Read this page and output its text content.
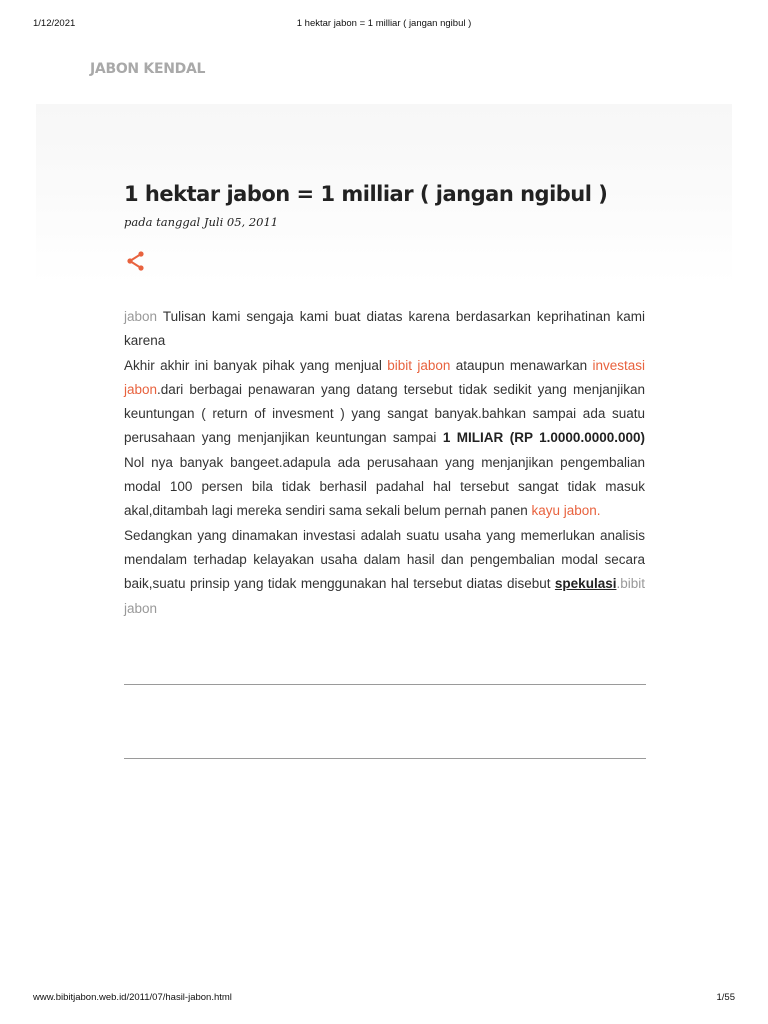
1/12/2021	1 hektar jabon = 1 milliar ( jangan ngibul )
JABON KENDAL
1 hektar jabon = 1 milliar ( jangan ngibul )
pada tanggal Juli 05, 2011

jabon Tulisan kami sengaja kami buat diatas karena berdasarkan keprihatinan kami karena

Akhir akhir ini banyak pihak yang menjual bibit jabon ataupun menawarkan investasi jabon.dari berbagai penawaran yang datang tersebut tidak sedikit yang menjanjikan keuntungan ( return of invesment ) yang sangat banyak.bahkan sampai ada suatu perusahaan yang menjanjikan keuntungan sampai 1 MILIAR (RP 1.0000.0000.000) Nol nya banyak bangeet.adapula ada perusahaan yang menjanjikan pengembalian modal 100 persen bila tidak berhasil padahal hal tersebut sangat tidak masuk akal,ditambah lagi mereka sendiri sama sekali belum pernah panen kayu jabon.

Sedangkan yang dinamakan investasi adalah suatu usaha yang memerlukan analisis mendalam terhadap kelayakan usaha dalam hasil dan pengembalian modal secara baik,suatu prinsip yang tidak menggunakan hal tersebut diatas disebut spekulasi.bibit jabon

www.bibitjabon.web.id/2011/07/hasil-jabon.html	1/55
